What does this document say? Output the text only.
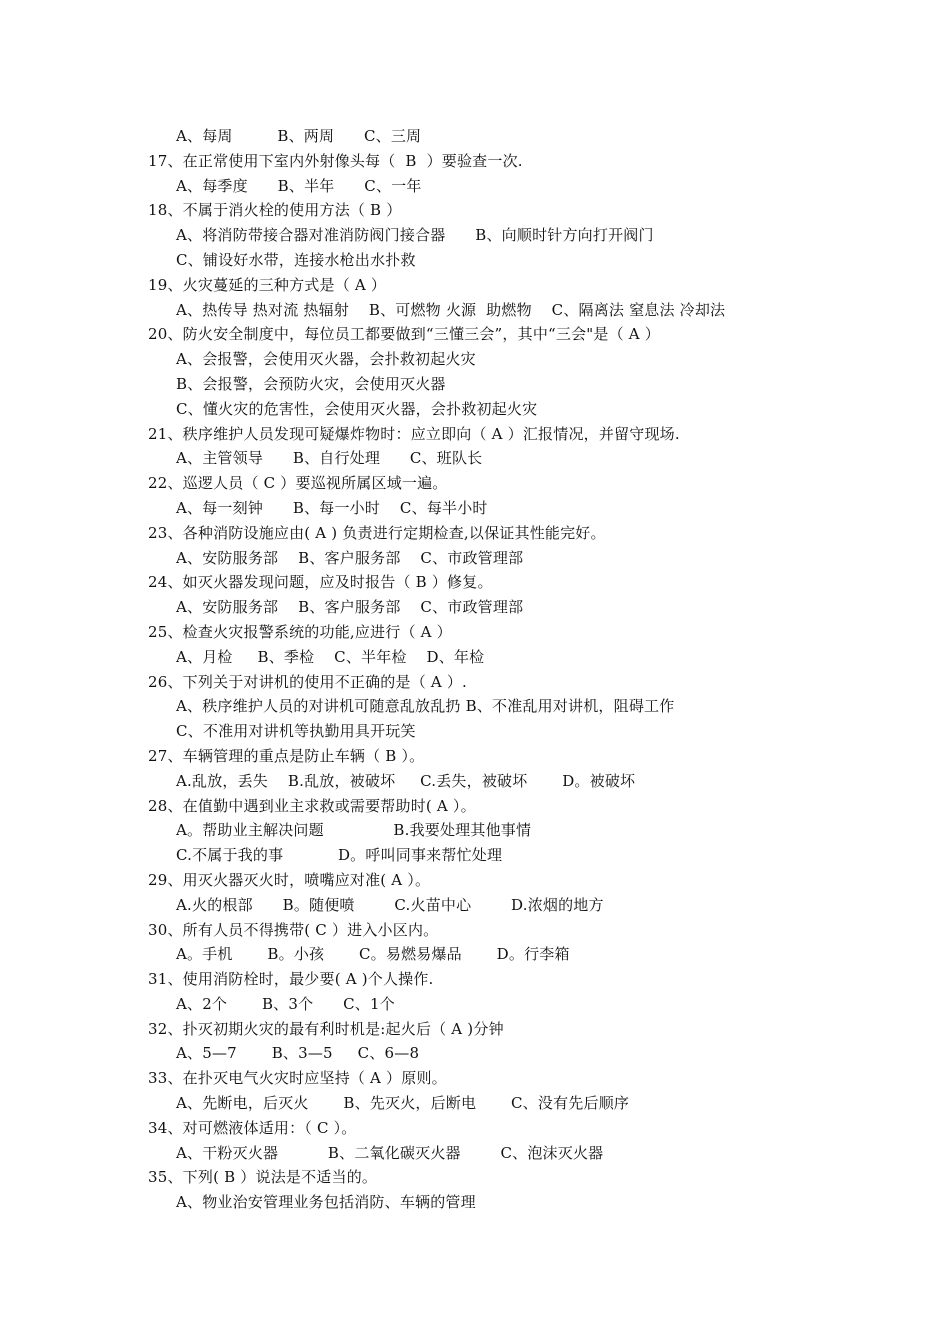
A、每周         B、两周      C、三周
17、在正常使用下室内外射像头每（  B  ）要验查一次.
A、每季度      B、半年      C、一年
18、不属于消火栓的使用方法（ B ）
A、将消防带接合器对准消防阀门接合器      B、向顺时针方向打开阀门
C、铺设好水带，连接水枪出水扑救
19、火灾蔓延的三种方式是（ A ）
A、热传导 热对流 热辐射    B、可燃物 火源  助燃物    C、隔离法 窒息法 冷却法
20、防火安全制度中，每位员工都要做到“三懂三会”，其中“三会"是（ A ）
A、会报警，会使用灭火器，会扑救初起火灾
B、会报警，会预防火灾，会使用灭火器
C、懂火灾的危害性，会使用灭火器，会扑救初起火灾
21、秩序维护人员发现可疑爆炸物时：应立即向（ A ）汇报情况，并留守现场.
A、主管领导      B、自行处理      C、班队长
22、巡逻人员（ C ）要巡视所属区域一遍。
A、每一刻钟      B、每一小时    C、每半小时
23、各种消防设施应由( A ) 负责进行定期检查,以保证其性能完好。
A、安防服务部    B、客户服务部    C、市政管理部
24、如灭火器发现问题，应及时报告（ B ）修复。
A、安防服务部    B、客户服务部    C、市政管理部
25、检查火灾报警系统的功能,应进行（ A ）
A、月检     B、季检    C、半年检    D、年检
26、下列关于对讲机的使用不正确的是（ A ）.
A、秩序维护人员的对讲机可随意乱放乱扔 B、不准乱用对讲机，阻碍工作
C、不准用对讲机等执勤用具开玩笑
27、车辆管理的重点是防止车辆（ B ）。
A.乱放，丢失    B.乱放，被破坏     C.丢失，被破坏       D。被破坏
28、在值勤中遇到业主求救或需要帮助时( A ）。
A。帮助业主解决问题              B.我要处理其他事情
C.不属于我的事           D。呼叫同事来帮忙处理
29、用灭火器灭火时，喷嘴应对准( A ）。
A.火的根部      B。随便喷        C.火苗中心        D.浓烟的地方
30、所有人员不得携带( C ）进入小区内。
A。手机       B。小孩       C。易燃易爆品       D。行李箱
31、使用消防栓时，最少要( A )个人操作.
A、2个       B、3个      C、1个
32、扑灭初期火灾的最有利时机是:起火后（ A )分钟
A、5—7       B、3—5     C、6—8
33、在扑灭电气火灾时应坚持（ A ）原则。
A、先断电，后灭火       B、先灭火，后断电       C、没有先后顺序
34、对可燃液体适用：（ C ）。
A、干粉灭火器          B、二氧化碳灭火器        C、泡沫灭火器
35、下列( B ）说法是不适当的。
A、物业治安管理业务包括消防、车辆的管理
